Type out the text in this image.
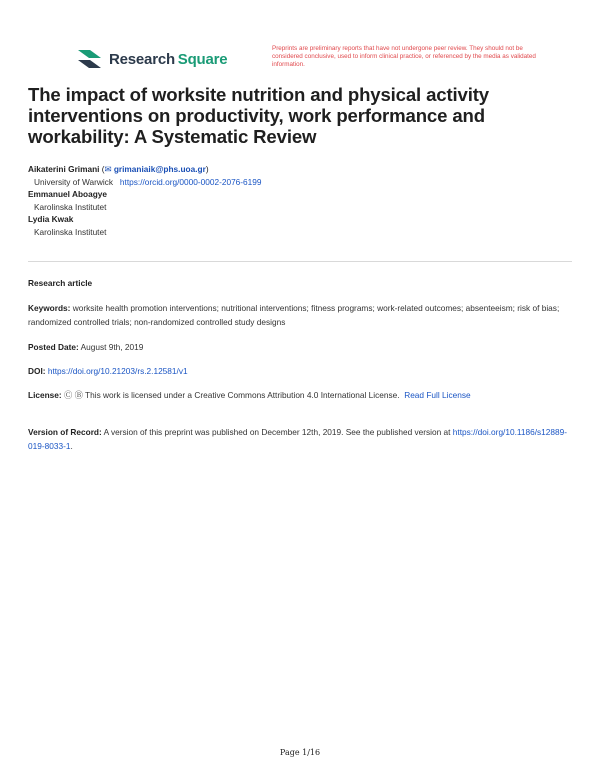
Research  Square
Preprints are preliminary reports that have not undergone peer review. They should not be considered conclusive, used to inform clinical practice, or referenced by the media as validated information.
The impact of worksite nutrition and physical activity interventions on productivity, work performance and workability: A Systematic Review
Aikaterini Grimani (✉ grimaniaik@phs.uoa.gr)
University of Warwick https://orcid.org/0000-0002-2076-6199
Emmanuel Aboagye
Karolinska Institutet
Lydia Kwak
Karolinska Institutet
Research article
Keywords: worksite health promotion interventions; nutritional interventions; fitness programs; work-related outcomes; absenteeism; risk of bias; randomized controlled trials; non-randomized controlled study designs
Posted Date: August 9th, 2019
DOI: https://doi.org/10.21203/rs.2.12581/v1
License: Ⓒ Ⓑ This work is licensed under a Creative Commons Attribution 4.0 International License. Read Full License
Version of Record: A version of this preprint was published on December 12th, 2019. See the published version at https://doi.org/10.1186/s12889-019-8033-1.
Page 1/16
